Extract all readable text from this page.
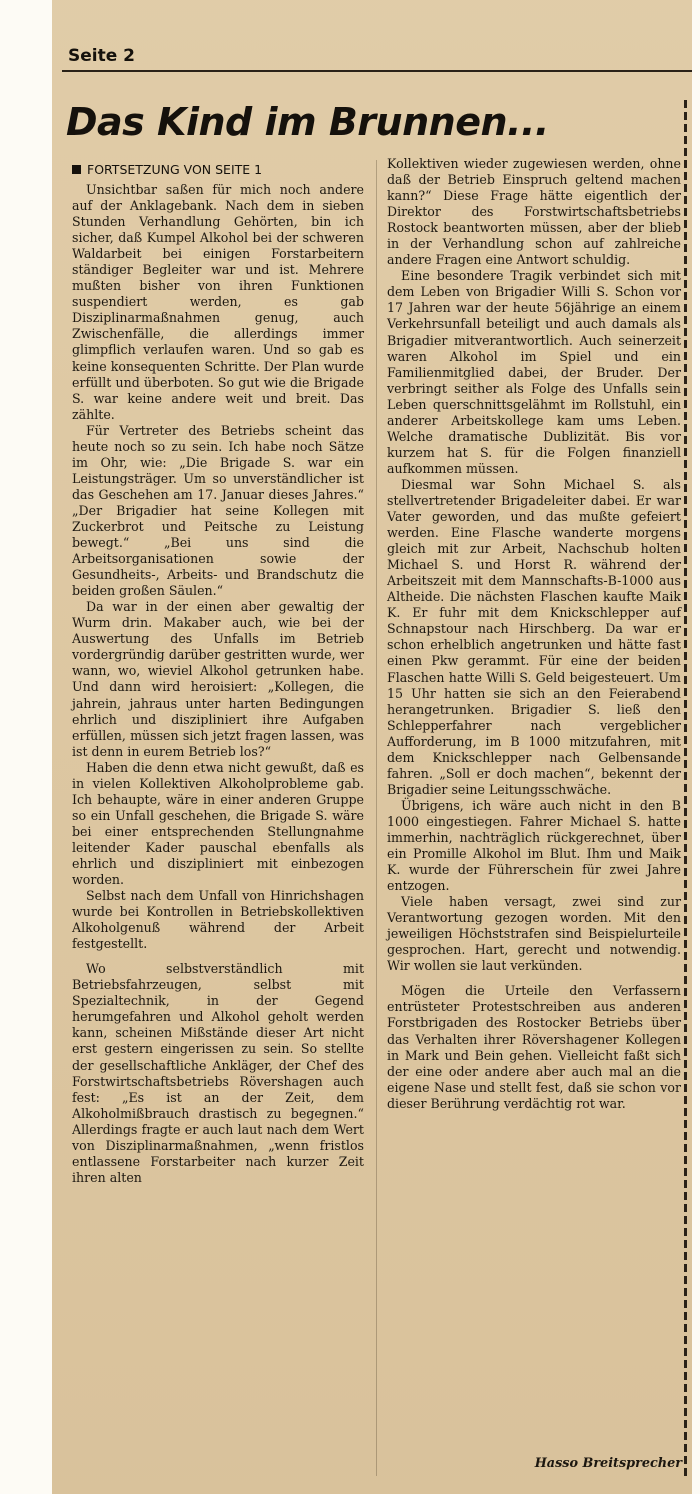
Seite 2
Das Kind im Brunnen...
FORTSETZUNG VON SEITE 1

Unsichtbar saßen für mich noch andere auf der Anklagebank. Nach dem in sieben Stunden Verhandlung Gehörten, bin ich sicher, daß Kumpel Alkohol bei der schweren Waldarbeit bei einigen Forstarbeitern ständiger Begleiter war und ist. Mehrere mußten bisher von ihren Funktionen suspendiert werden, es gab Disziplinarmaßnahmen genug, auch Zwischenfälle, die allerdings immer glimpflich verlaufen waren. Und so gab es keine konsequenten Schritte. Der Plan wurde erfüllt und überboten. So gut wie die Brigade S. war keine andere weit und breit. Das zählte.

Für Vertreter des Betriebs scheint das heute noch so zu sein. Ich habe noch Sätze im Ohr, wie: „Die Brigade S. war ein Leistungsträger. Um so unverständlicher ist das Geschehen am 17. Januar dieses Jahres.“ „Der Brigadier hat seine Kollegen mit Zuckerbrot und Peitsche zu Leistung bewegt.“ „Bei uns sind die Arbeitsorganisationen sowie der Gesundheits-, Arbeits- und Brandschutz die beiden großen Säulen.“

Da war in der einen aber gewaltig der Wurm drin. Makaber auch, wie bei der Auswertung des Unfalls im Betrieb vordergründig darüber gestritten wurde, wer wann, wo, wieviel Alkohol getrunken habe. Und dann wird heroisiert: „Kollegen, die jahrein, jahraus unter harten Bedingungen ehrlich und diszipliniert ihre Aufgaben erfüllen, müssen sich jetzt fragen lassen, was ist denn in eurem Betrieb los?“

Haben die denn etwa nicht gewußt, daß es in vielen Kollektiven Alkoholprobleme gab. Ich behaupte, wäre in einer anderen Gruppe so ein Unfall geschehen, die Brigade S. wäre bei einer entsprechenden Stellungnahme leitender Kader pauschal ebenfalls als ehrlich und diszipliniert mit einbezogen worden.

Selbst nach dem Unfall von Hinrichshagen wurde bei Kontrollen in Betriebskollektiven Alkoholgenuß während der Arbeit festgestellt.

Wo selbstverständlich mit Betriebsfahrzeugen, selbst mit Spezialtechnik, in der Gegend herumgefahren und Alkohol geholt werden kann, scheinen Mißstände dieser Art nicht erst gestern eingerissen zu sein. So stellte der gesellschaftliche Ankläger, der Chef des Forstwirtschaftsbetriebs Rövershagen auch fest: „Es ist an der Zeit, dem Alkoholmißbrauch drastisch zu begegnen.“ Allerdings fragte er auch laut nach dem Wert von Disziplinarmaßnahmen, „wenn fristlos entlassene Forstarbeiter nach kurzer Zeit ihren alten

Kollektiven wieder zugewiesen werden, ohne daß der Betrieb Einspruch geltend machen kann?“ Diese Frage hätte eigentlich der Direktor des Forstwirtschaftsbetriebs Rostock beantworten müssen, aber der blieb in der Verhandlung schon auf zahlreiche andere Fragen eine Antwort schuldig.

Eine besondere Tragik verbindet sich mit dem Leben von Brigadier Willi S. Schon vor 17 Jahren war der heute 56jährige an einem Verkehrsunfall beteiligt und auch damals als Brigadier mitverantwortlich. Auch seinerzeit waren Alkohol im Spiel und ein Familienmitglied dabei, der Bruder. Der verbringt seither als Folge des Unfalls sein Leben querschnittsgelähmt im Rollstuhl, ein anderer Arbeitskollege kam ums Leben. Welche dramatische Dublizität. Bis vor kurzem hat S. für die Folgen finanziell aufkommen müssen.

Diesmal war Sohn Michael S. als stellvertretender Brigadeleiter dabei. Er war Vater geworden, und das mußte gefeiert werden. Eine Flasche wanderte morgens gleich mit zur Arbeit, Nachschub holten Michael S. und Horst R. während der Arbeitszeit mit dem Mannschafts-B-1000 aus Altheide. Die nächsten Flaschen kaufte Maik K. Er fuhr mit dem Knickschlepper auf Schnapstour nach Hirschberg. Da war er schon erhelblich angetrunken und hätte fast einen Pkw gerammt. Für eine der beiden Flaschen hatte Willi S. Geld beigesteuert. Um 15 Uhr hatten sie sich an den Feierabend herangetrunken. Brigadier S. ließ den Schlepperfahrer nach vergeblicher Aufforderung, im B 1000 mitzufahren, mit dem Knickschlepper nach Gelbensande fahren. „Soll er doch machen“, bekennt der Brigadier seine Leitungsschwäche.

Übrigens, ich wäre auch nicht in den B 1000 eingestiegen. Fahrer Michael S. hatte immerhin, nachträglich rückgerechnet, über ein Promille Alkohol im Blut. Ihm und Maik K. wurde der Führerschein für zwei Jahre entzogen.

Viele haben versagt, zwei sind zur Verantwortung gezogen worden. Mit den jeweiligen Höchststrafen sind Beispielurteile gesprochen. Hart, gerecht und notwendig. Wir wollen sie laut verkünden.

Mögen die Urteile den Verfassern entrüsteter Protestschreiben aus anderen Forstbrigaden des Rostocker Betriebs über das Verhalten ihrer Rövershagener Kollegen in Mark und Bein gehen. Vielleicht faßt sich der eine oder andere aber auch mal an die eigene Nase und stellt fest, daß sie schon vor dieser Berührung verdächtig rot war.

Hasso Breitsprecher
